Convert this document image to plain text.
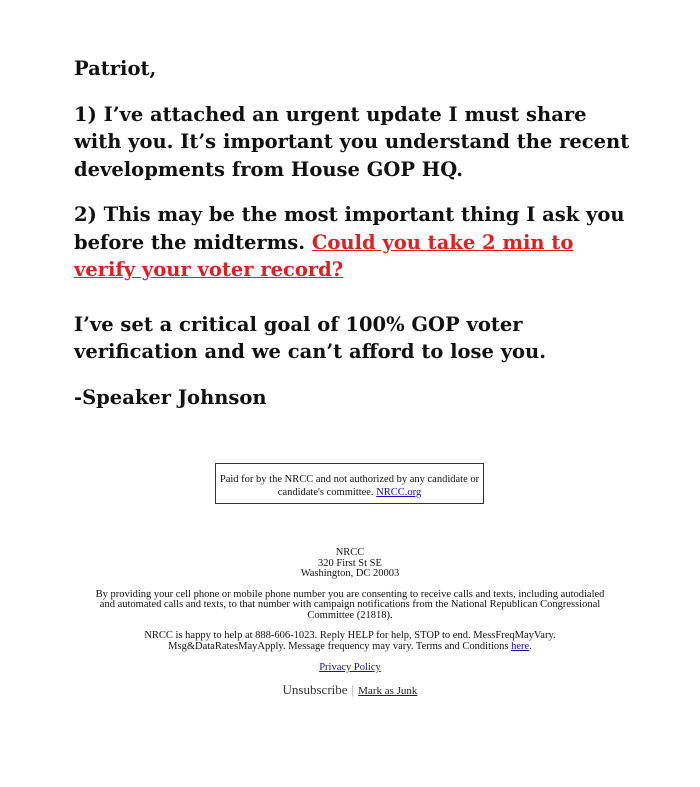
Patriot,

1) I’ve attached an urgent update I must share with you. It’s important you understand the recent developments from House GOP HQ.

2) This may be the most important thing I ask you before the midterms. Could you take 2 min to verify your voter record?

I’ve set a critical goal of 100% GOP voter verification and we can’t afford to lose you.

-Speaker Johnson

Paid for by the NRCC and not authorized by any candidate or candidate's committee. NRCC.org

NRCC

320 First St SE

Washington, DC 20003

By providing your cell phone or mobile phone number you are consenting to receive calls and texts, including autodialed and automated calls and texts, to that number with campaign notifications from the National Republican Congressional Committee (21818).

NRCC is happy to help at 888-606-1023. Reply HELP for help, STOP to end. MessFreqMayVary. Msg&DataRatesMayApply. Message frequency may vary. Terms and Conditions here.

Privacy Policy

Unsubscribe | Mark as Junk
